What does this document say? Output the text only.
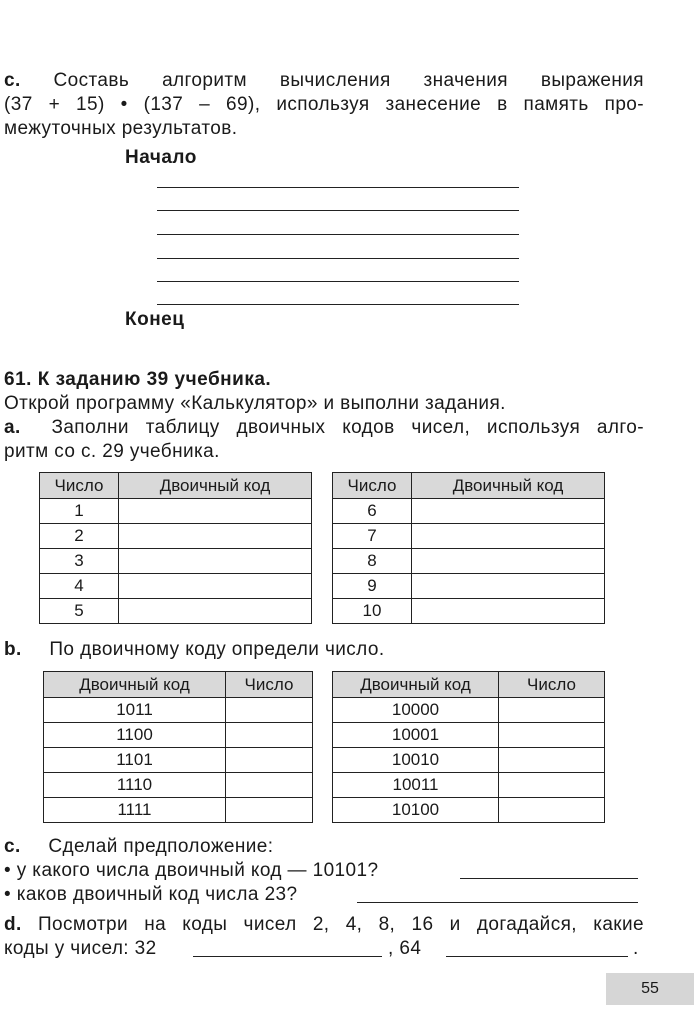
c. Составь алгоритм вычисления значения выражения
(37 + 15) • (137 – 69), используя занесение в память про-
межуточных результатов.
Начало
Конец
61. К заданию 39 учебника.
Открой программу «Калькулятор» и выполни задания.
a. Заполни таблицу двоичных кодов чисел, используя алго-
ритм со с. 29 учебника.
Число	Двоичный код
1	
2	
3	
4	
5	
Число	Двоичный код
6	
7	
8	
9	
10	
b. По двоичному коду определи число.
Двоичный код	Число
1011	
1100	
1101	
1110	
1111	
Двоичный код	Число
10000	
10001	
10010	
10011	
10100	
c. Сделай предположение:
• у какого числа двоичный код — 10101?
• каков двоичный код числа 23?
d. Посмотри на коды чисел 2, 4, 8, 16 и догадайся, какие
коды у чисел: 32	, 64	.
55
